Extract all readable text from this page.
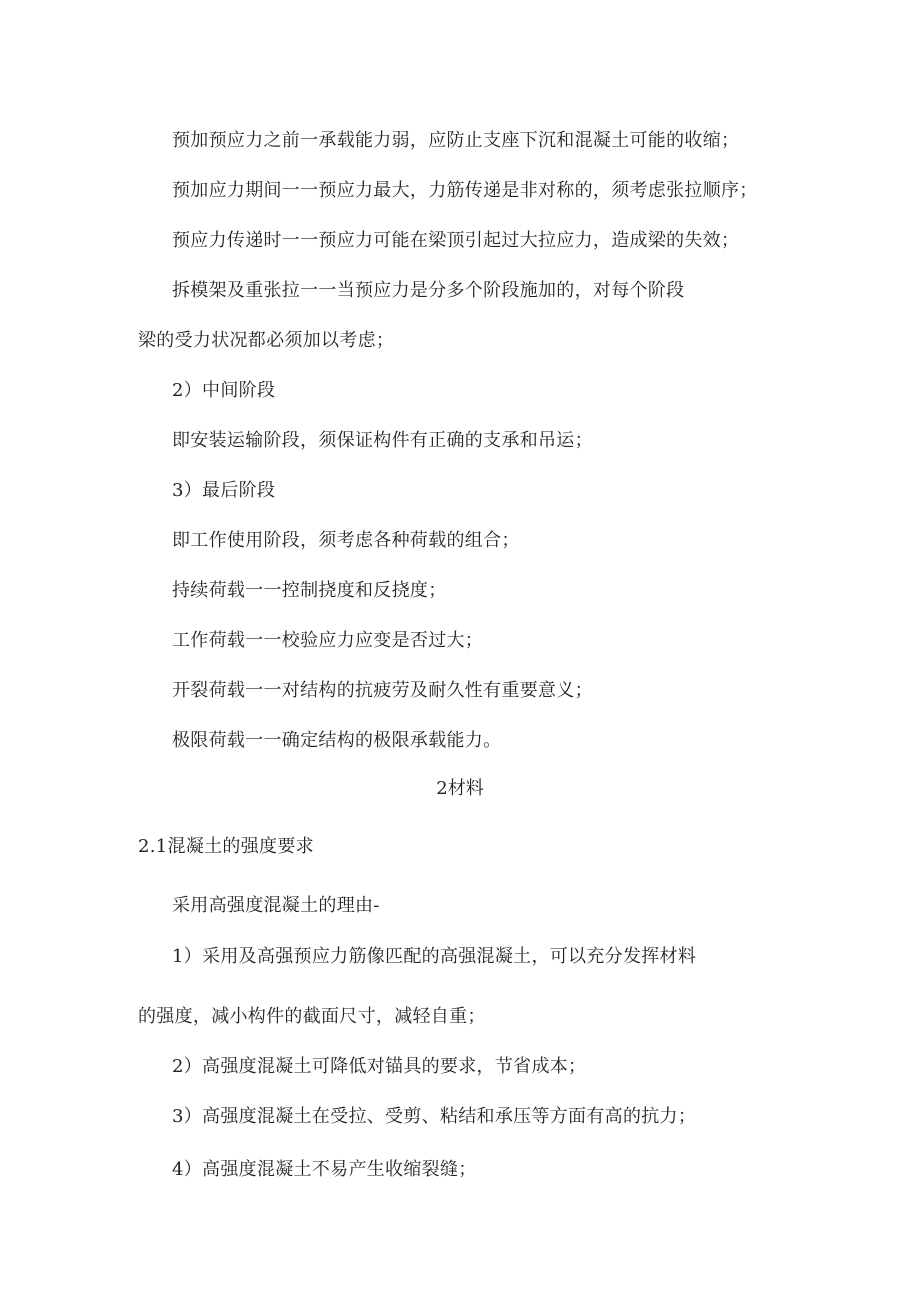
预加预应力之前一承载能力弱，应防止支座下沉和混凝土可能的收缩；
预加应力期间一一预应力最大，力筋传递是非对称的，须考虑张拉顺序；
预应力传递时一一预应力可能在梁顶引起过大拉应力，造成梁的失效；
拆模架及重张拉一一当预应力是分多个阶段施加的，对每个阶段
梁的受力状况都必须加以考虑；
2）中间阶段
即安装运输阶段，须保证构件有正确的支承和吊运；
3）最后阶段
即工作使用阶段，须考虑各种荷载的组合；
持续荷载一一控制挠度和反挠度；
工作荷载一一校验应力应变是否过大；
开裂荷载一一对结构的抗疲劳及耐久性有重要意义；
极限荷载一一确定结构的极限承载能力。
2材料
2.1混凝土的强度要求
采用高强度混凝土的理由-
1）采用及高强预应力筋像匹配的高强混凝土，可以充分发挥材料
的强度，减小构件的截面尺寸，减轻自重；
2）高强度混凝土可降低对锚具的要求，节省成本；
3）高强度混凝土在受拉、受剪、粘结和承压等方面有高的抗力；
4）高强度混凝土不易产生收缩裂缝；
